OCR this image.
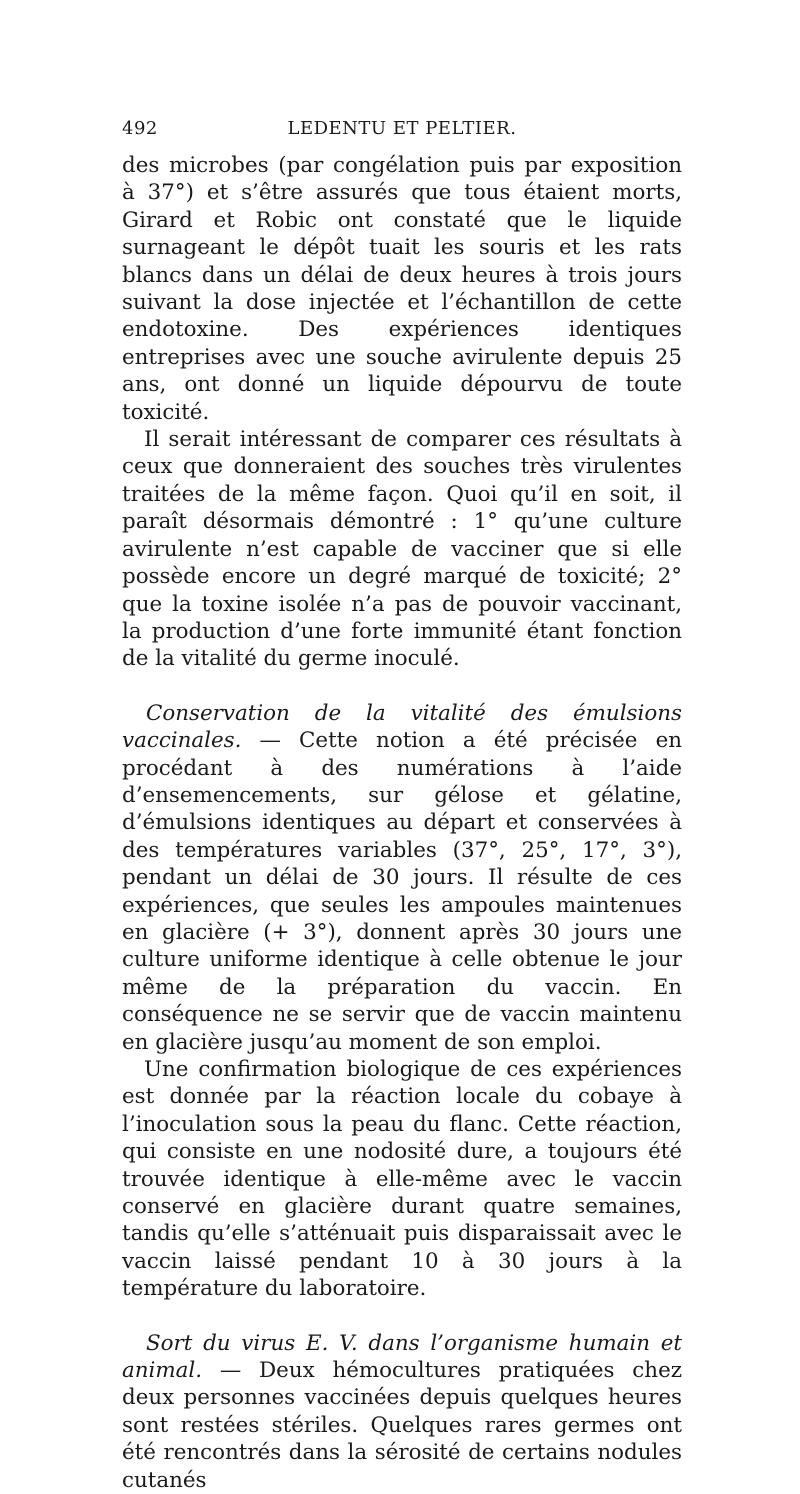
492	LEDENTU ET PELTIER.

des microbes (par congélation puis par exposition à 37°) et s’être assurés que tous étaient morts, Girard et Robic ont constaté que le liquide surnageant le dépôt tuait les souris et les rats blancs dans un délai de deux heures à trois jours suivant la dose injectée et l’échantillon de cette endotoxine. Des expériences identiques entreprises avec une souche avirulente depuis 25 ans, ont donné un liquide dépourvu de toute toxicité.

Il serait intéressant de comparer ces résultats à ceux que donneraient des souches très virulentes traitées de la même façon. Quoi qu’il en soit, il paraît désormais démontré : 1° qu’une culture avirulente n’est capable de vacciner que si elle possède encore un degré marqué de toxicité; 2° que la toxine isolée n’a pas de pouvoir vaccinant, la production d’une forte immunité étant fonction de la vitalité du germe inoculé.

Conservation de la vitalité des émulsions vaccinales. — Cette notion a été précisée en procédant à des numérations à l’aide d’ensemencements, sur gélose et gélatine, d’émulsions identiques au départ et conservées à des températures variables (37°, 25°, 17°, 3°), pendant un délai de 30 jours. Il résulte de ces expériences, que seules les ampoules maintenues en glacière (+ 3°), donnent après 30 jours une culture uniforme identique à celle obtenue le jour même de la préparation du vaccin. En conséquence ne se servir que de vaccin maintenu en glacière jusqu’au moment de son emploi.

Une confirmation biologique de ces expériences est donnée par la réaction locale du cobaye à l’inoculation sous la peau du flanc. Cette réaction, qui consiste en une nodosité dure, a toujours été trouvée identique à elle-même avec le vaccin conservé en glacière durant quatre semaines, tandis qu’elle s’atténuait puis disparaissait avec le vaccin laissé pendant 10 à 30 jours à la température du laboratoire.

Sort du virus E. V. dans l’organisme humain et animal. — Deux hémocultures pratiquées chez deux personnes vaccinées depuis quelques heures sont restées stériles. Quelques rares germes ont été rencontrés dans la sérosité de certains nodules cutanés
